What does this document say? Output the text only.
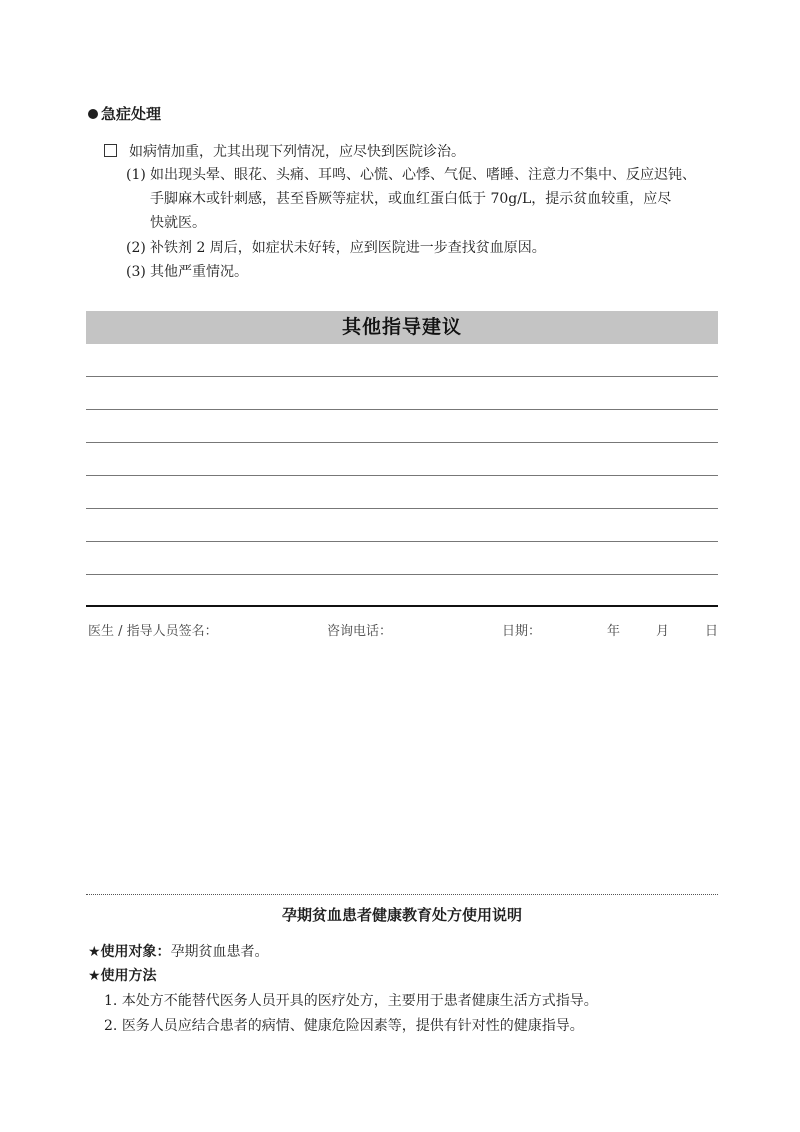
急症处理
如病情加重，尤其出现下列情况，应尽快到医院诊治。
(1) 如出现头晕、眼花、头痛、耳鸣、心慌、心悸、气促、嗜睡、注意力不集中、反应迟钝、
手脚麻木或针刺感，甚至昏厥等症状，或血红蛋白低于 70g/L，提示贫血较重，应尽
快就医。
(2) 补铁剂 2 周后，如症状未好转，应到医院进一步查找贫血原因。
(3) 其他严重情况。
其他指导建议
医生 / 指导人员签名：	咨询电话：	日期：	年	月	日
孕期贫血患者健康教育处方使用说明
★使用对象：孕期贫血患者。
★使用方法
1. 本处方不能替代医务人员开具的医疗处方，主要用于患者健康生活方式指导。
2. 医务人员应结合患者的病情、健康危险因素等，提供有针对性的健康指导。
